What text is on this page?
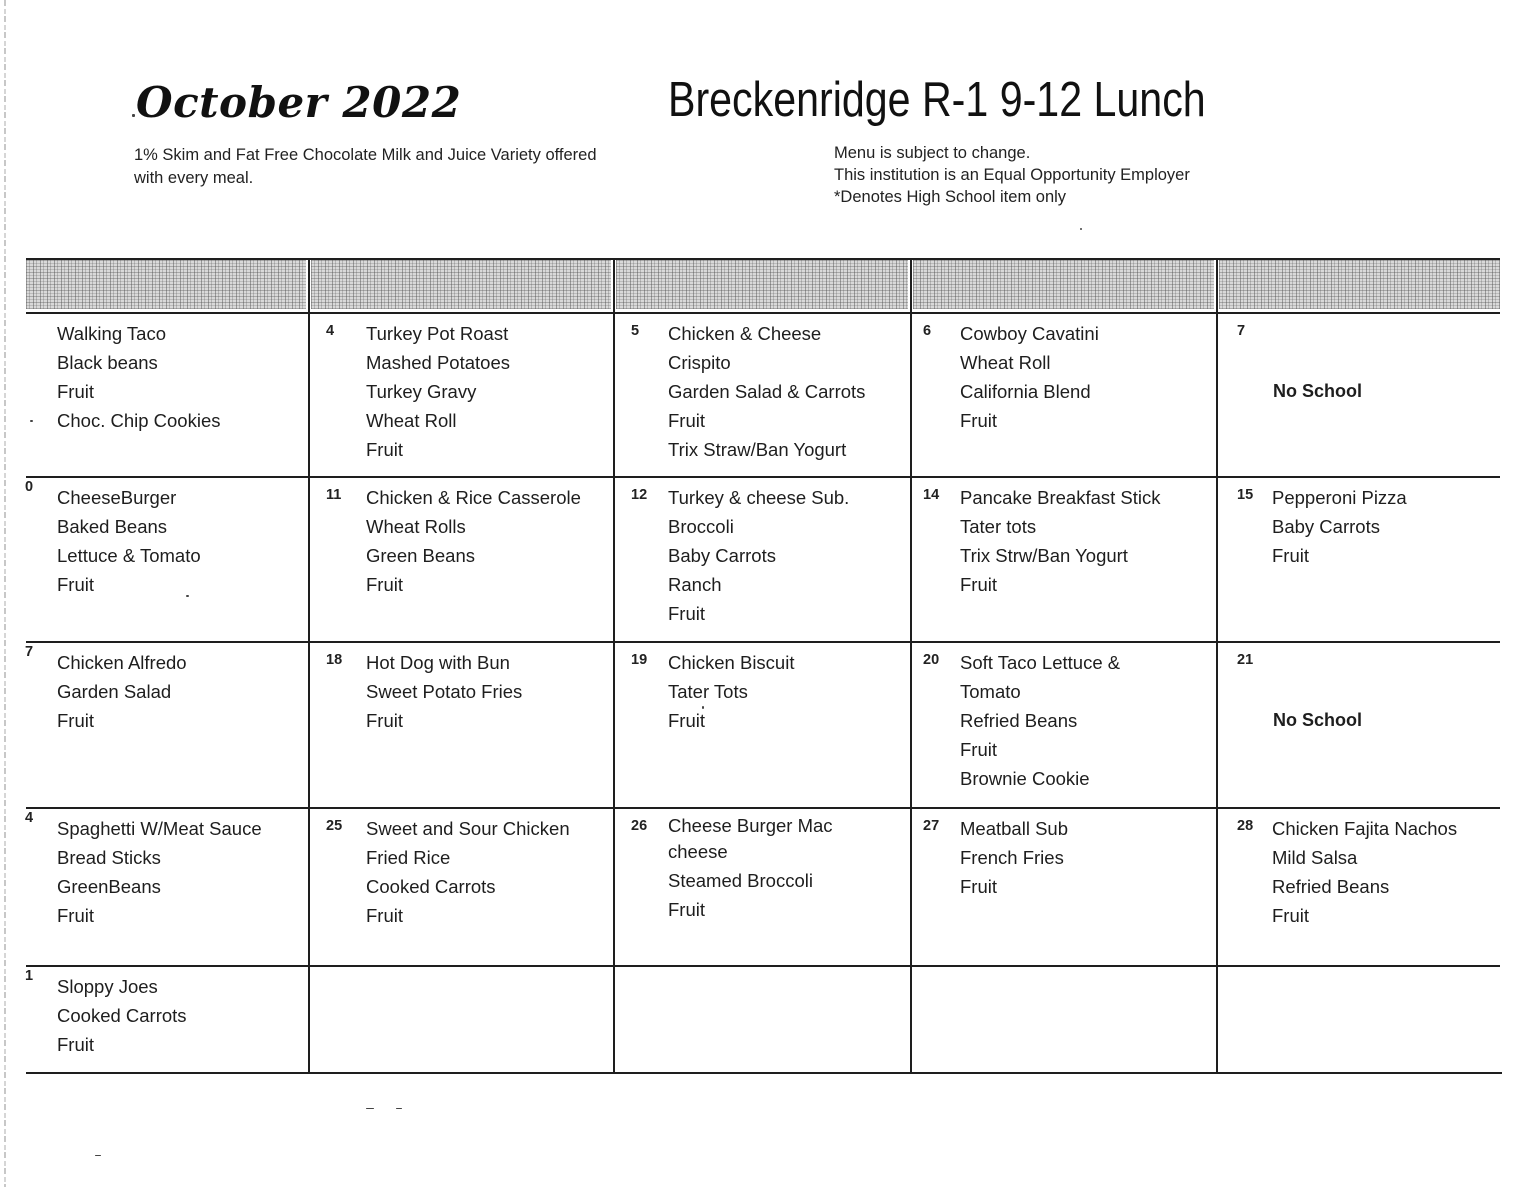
October 2022	Breckenridge R-1 9-12 Lunch
1% Skim and Fat Free Chocolate Milk and Juice Variety offered with every meal.
Menu is subject to change.
This institution is an Equal Opportunity Employer
*Denotes High School item only
Walking Taco
Black beans
Fruit
Choc. Chip Cookies
4 Turkey Pot Roast
Mashed Potatoes
Turkey Gravy
Wheat Roll
Fruit
5 Chicken & Cheese
Crispito
Garden Salad & Carrots
Fruit
Trix Straw/Ban Yogurt
6 Cowboy Cavatini
Wheat Roll
California Blend
Fruit
7
No School
0 CheeseBurger
Baked Beans
Lettuce & Tomato
Fruit
11 Chicken & Rice Casserole
Wheat Rolls
Green Beans
Fruit
12 Turkey & cheese Sub.
Broccoli
Baby Carrots
Ranch
Fruit
14 Pancake Breakfast Stick
Tater tots
Trix Strw/Ban Yogurt
Fruit
15 Pepperoni Pizza
Baby Carrots
Fruit
7 Chicken Alfredo
Garden Salad
Fruit
18 Hot Dog with Bun
Sweet Potato Fries
Fruit
19 Chicken Biscuit
Tater Tots
Fruit
20 Soft Taco Lettuce &
Tomato
Refried Beans
Fruit
Brownie Cookie
21
No School
4 Spaghetti W/Meat Sauce
Bread Sticks
GreenBeans
Fruit
25 Sweet and Sour Chicken
Fried Rice
Cooked Carrots
Fruit
26 Cheese Burger Mac
cheese
Steamed Broccoli
Fruit
27 Meatball Sub
French Fries
Fruit
28 Chicken Fajita Nachos
Mild Salsa
Refried Beans
Fruit
1 Sloppy Joes
Cooked Carrots
Fruit
